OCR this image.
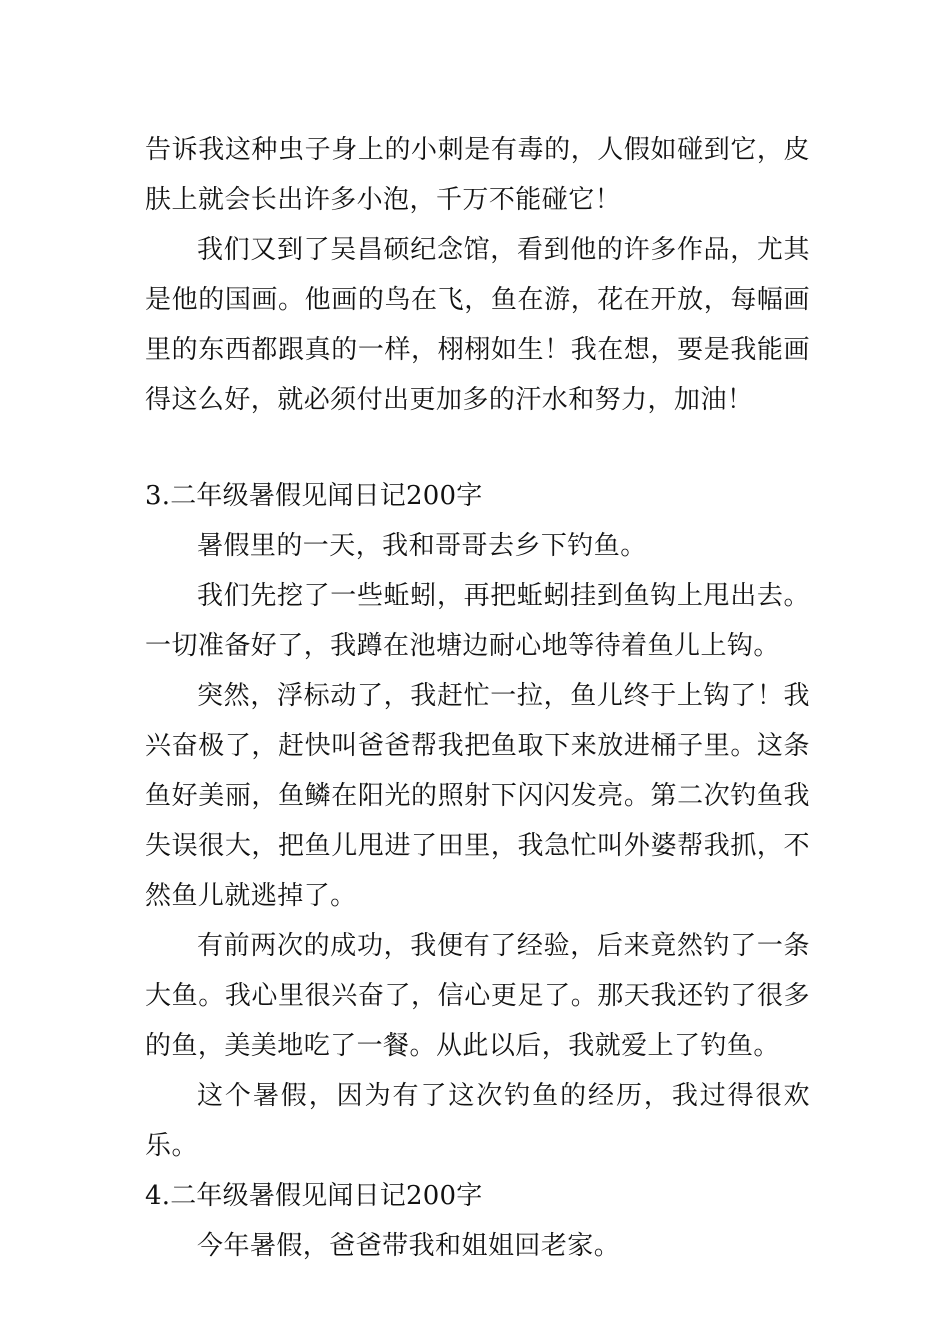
告诉我这种虫子身上的小刺是有毒的，人假如碰到它，皮肤上就会长出许多小泡，千万不能碰它！

我们又到了吴昌硕纪念馆，看到他的许多作品，尤其是他的国画。他画的鸟在飞，鱼在游，花在开放，每幅画里的东西都跟真的一样，栩栩如生！我在想，要是我能画得这么好，就必须付出更加多的汗水和努力，加油！

3.二年级暑假见闻日记200字

暑假里的一天，我和哥哥去乡下钓鱼。

我们先挖了一些蚯蚓，再把蚯蚓挂到鱼钩上甩出去。一切准备好了，我蹲在池塘边耐心地等待着鱼儿上钩。

突然，浮标动了，我赶忙一拉，鱼儿终于上钩了！我兴奋极了，赶快叫爸爸帮我把鱼取下来放进桶子里。这条鱼好美丽，鱼鳞在阳光的照射下闪闪发亮。第二次钓鱼我失误很大，把鱼儿甩进了田里，我急忙叫外婆帮我抓，不然鱼儿就逃掉了。

有前两次的成功，我便有了经验，后来竟然钓了一条大鱼。我心里很兴奋了，信心更足了。那天我还钓了很多的鱼，美美地吃了一餐。从此以后，我就爱上了钓鱼。

这个暑假，因为有了这次钓鱼的经历，我过得很欢乐。

4.二年级暑假见闻日记200字

今年暑假，爸爸带我和姐姐回老家。
